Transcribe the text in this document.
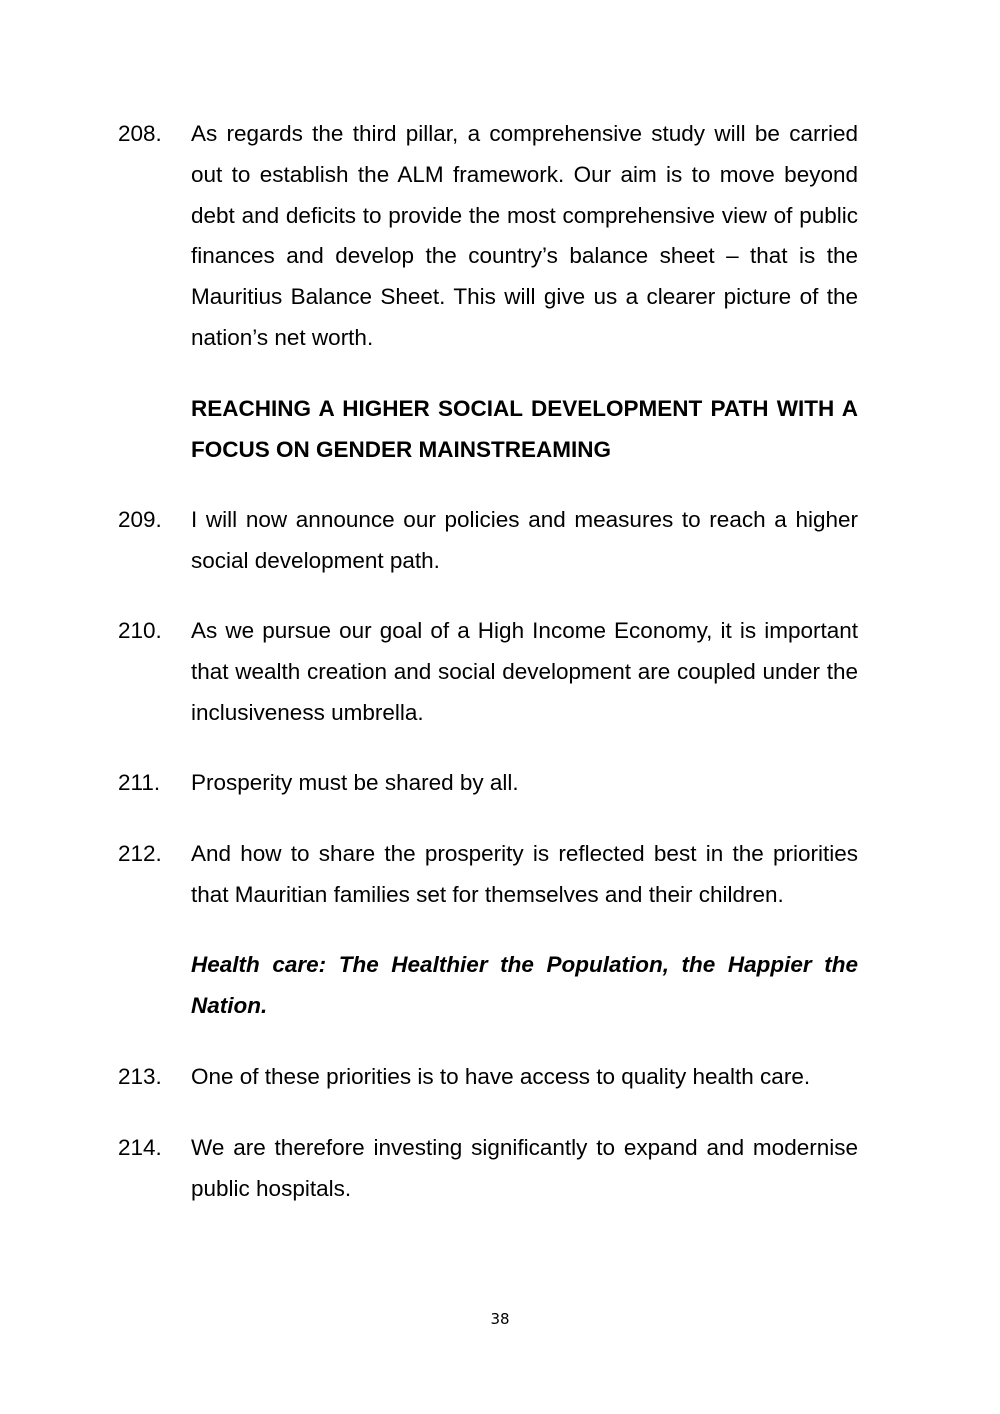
208.	As regards the third pillar, a comprehensive study will be carried out to establish the ALM framework. Our aim is to move beyond debt and deficits to provide the most comprehensive view of public finances and develop the country’s balance sheet – that is the Mauritius Balance Sheet. This will give us a clearer picture of the nation’s net worth.
REACHING A HIGHER SOCIAL DEVELOPMENT PATH WITH A FOCUS ON GENDER MAINSTREAMING
209.	I will now announce our policies and measures to reach a higher social development path.
210.	As we pursue our goal of a High Income Economy, it is important that wealth creation and social development are coupled under the inclusiveness umbrella.
211.	Prosperity must be shared by all.
212.	And how to share the prosperity is reflected best in the priorities that Mauritian families set for themselves and their children.
Health care: The Healthier the Population, the Happier the Nation.
213.	One of these priorities is to have access to quality health care.
214.	We are therefore investing significantly to expand and modernise public hospitals.
38
